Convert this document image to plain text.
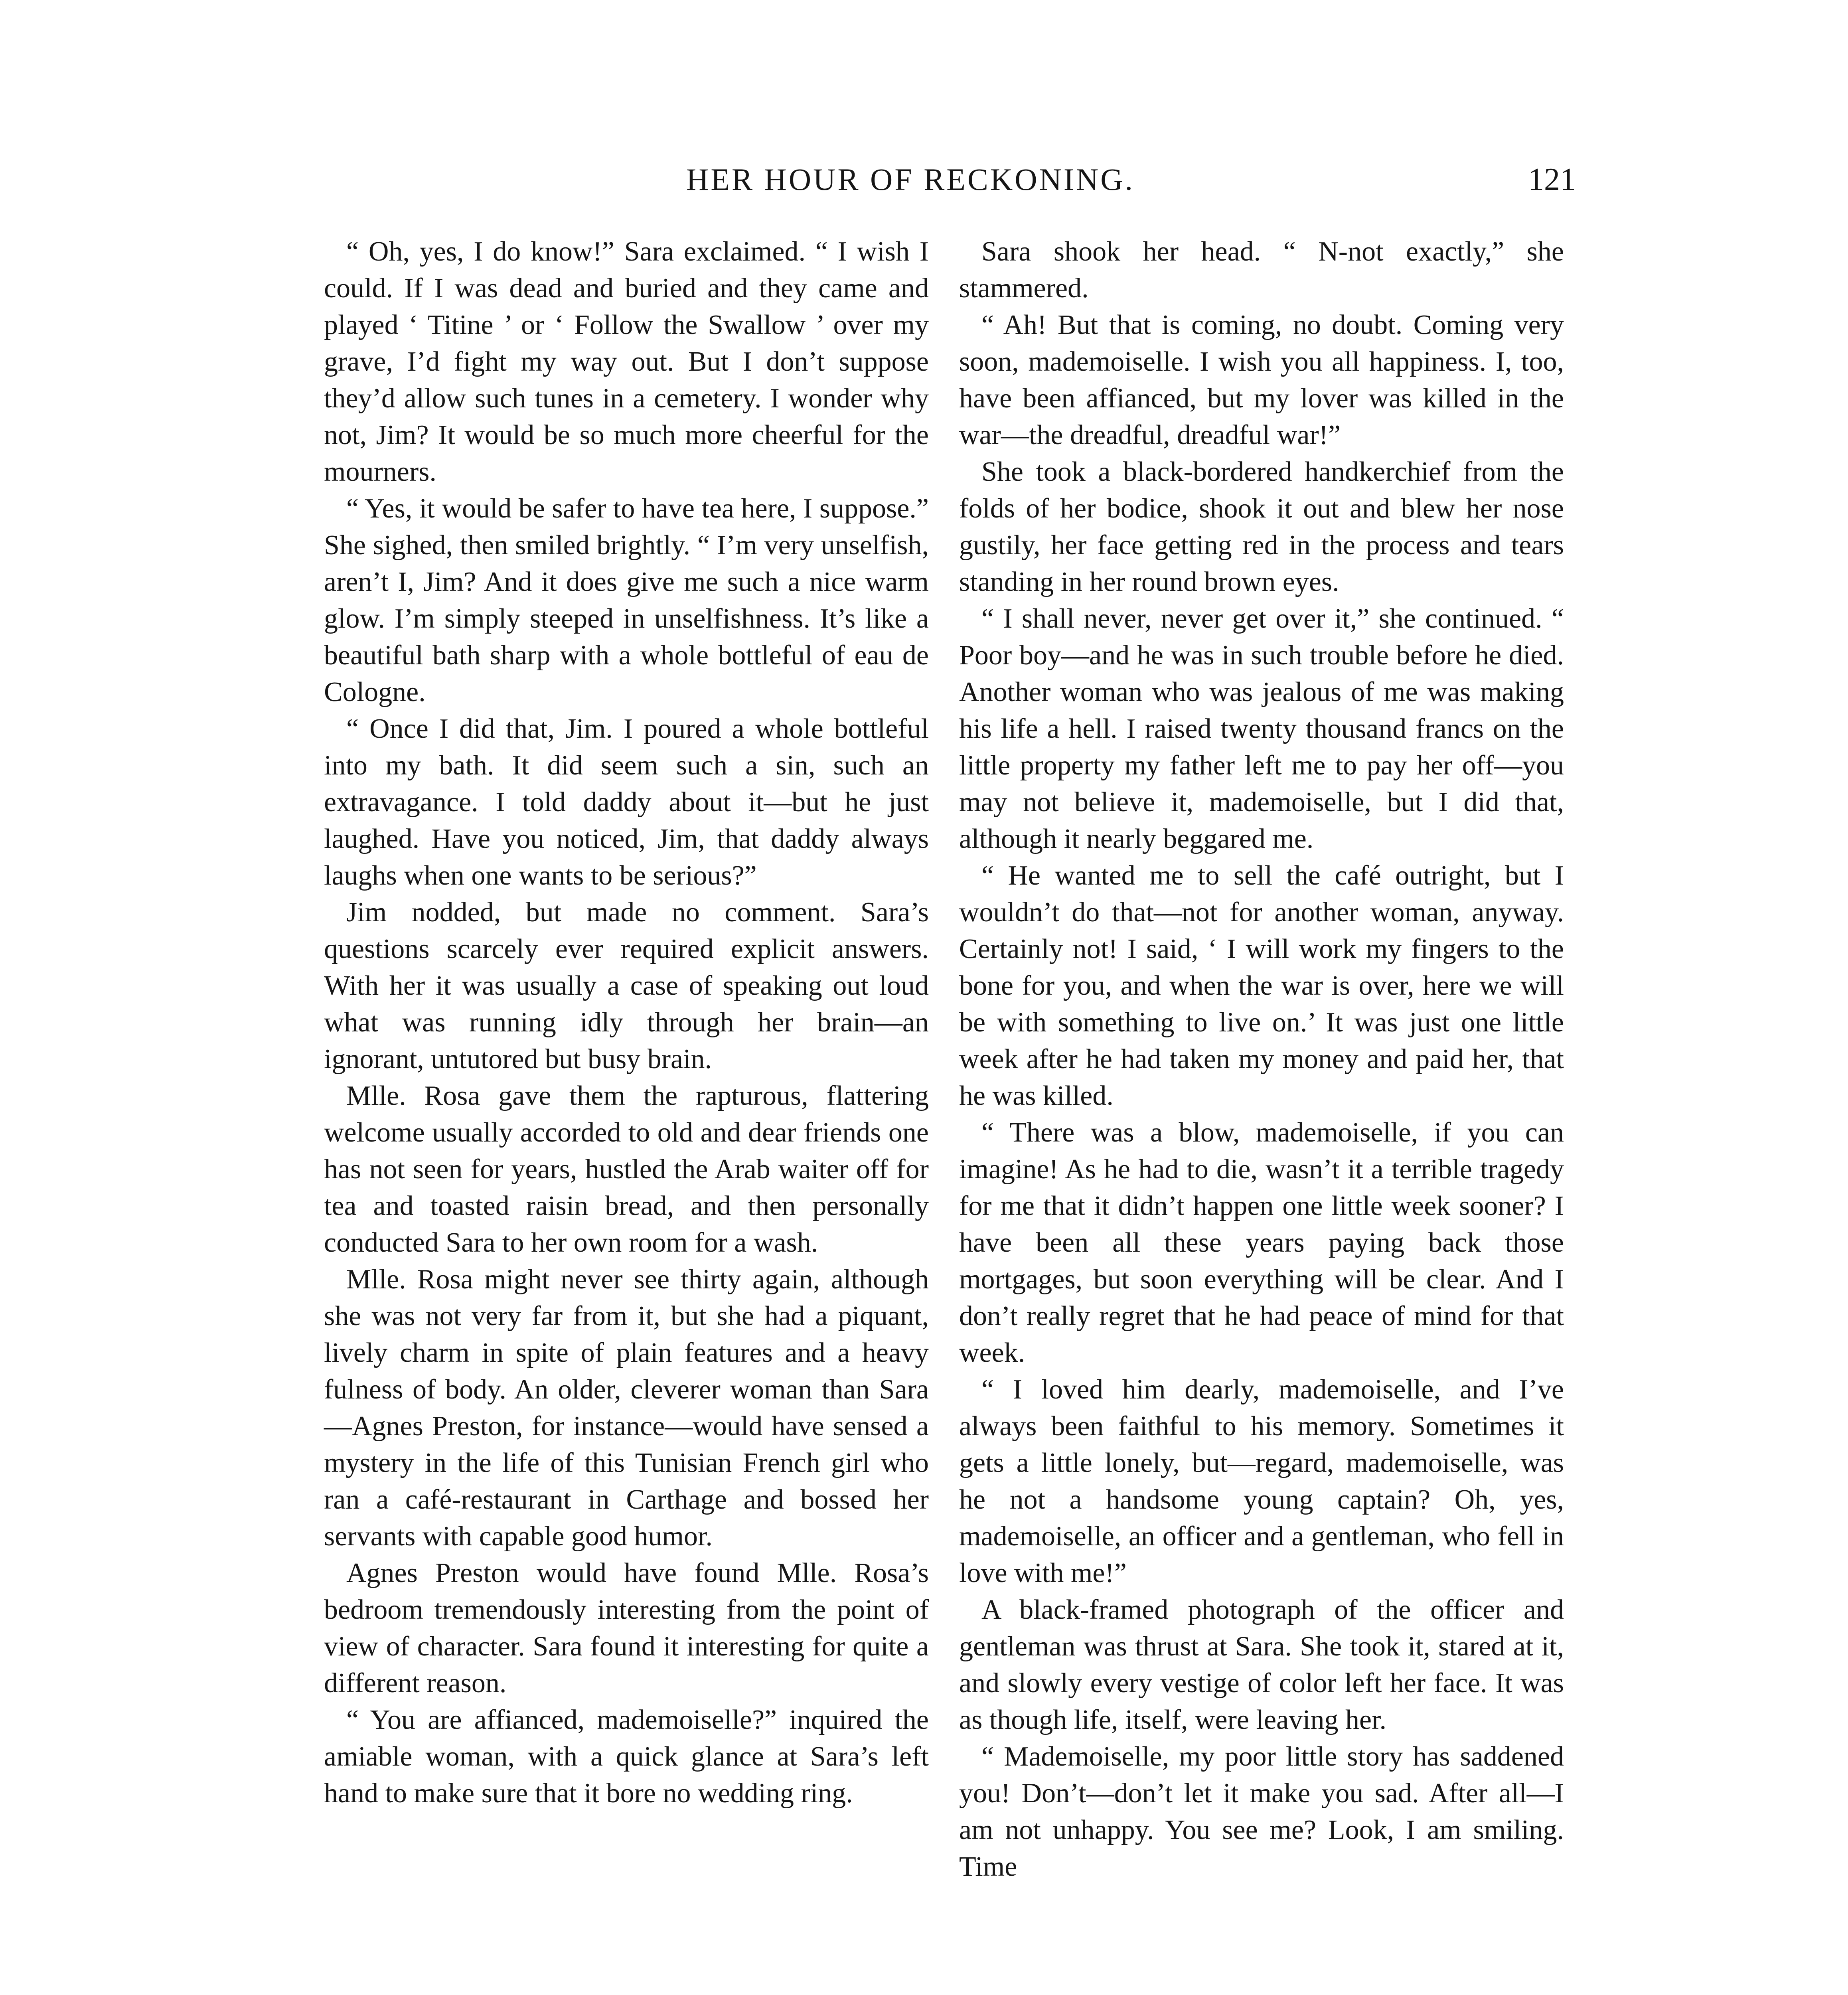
HER HOUR OF RECKONING.	121

“ Oh, yes, I do know!” Sara exclaimed. “ I wish I could. If I was dead and buried and they came and played ‘ Titine ’ or ‘ Follow the Swallow ’ over my grave, I’d fight my way out. But I don’t suppose they’d allow such tunes in a cemetery. I wonder why not, Jim? It would be so much more cheerful for the mourners.

“ Yes, it would be safer to have tea here, I suppose.” She sighed, then smiled brightly. “ I’m very unselfish, aren’t I, Jim? And it does give me such a nice warm glow. I’m simply steeped in unselfishness. It’s like a beautiful bath sharp with a whole bottleful of eau de Cologne.

“ Once I did that, Jim. I poured a whole bottleful into my bath. It did seem such a sin, such an extravagance. I told daddy about it—but he just laughed. Have you noticed, Jim, that daddy always laughs when one wants to be serious?”

Jim nodded, but made no comment. Sara’s questions scarcely ever required explicit answers. With her it was usually a case of speaking out loud what was running idly through her brain—an ignorant, untutored but busy brain.

Mlle. Rosa gave them the rapturous, flattering welcome usually accorded to old and dear friends one has not seen for years, hustled the Arab waiter off for tea and toasted raisin bread, and then personally conducted Sara to her own room for a wash.

Mlle. Rosa might never see thirty again, although she was not very far from it, but she had a piquant, lively charm in spite of plain features and a heavy fulness of body. An older, cleverer woman than Sara—Agnes Preston, for instance—would have sensed a mystery in the life of this Tunisian French girl who ran a café-restaurant in Carthage and bossed her servants with capable good humor.

Agnes Preston would have found Mlle. Rosa’s bedroom tremendously interesting from the point of view of character. Sara found it interesting for quite a different reason.

“ You are affianced, mademoiselle?” inquired the amiable woman, with a quick glance at Sara’s left hand to make sure that it bore no wedding ring.

Sara shook her head. “ N-not exactly,” she stammered.

“ Ah! But that is coming, no doubt. Coming very soon, mademoiselle. I wish you all happiness. I, too, have been affianced, but my lover was killed in the war—the dreadful, dreadful war!”

She took a black-bordered handkerchief from the folds of her bodice, shook it out and blew her nose gustily, her face getting red in the process and tears standing in her round brown eyes.

“ I shall never, never get over it,” she continued. “ Poor boy—and he was in such trouble before he died. Another woman who was jealous of me was making his life a hell. I raised twenty thousand francs on the little property my father left me to pay her off—you may not believe it, mademoiselle, but I did that, although it nearly beggared me.

“ He wanted me to sell the café outright, but I wouldn’t do that—not for another woman, anyway. Certainly not! I said, ‘ I will work my fingers to the bone for you, and when the war is over, here we will be with something to live on.’ It was just one little week after he had taken my money and paid her, that he was killed.

“ There was a blow, mademoiselle, if you can imagine! As he had to die, wasn’t it a terrible tragedy for me that it didn’t happen one little week sooner? I have been all these years paying back those mortgages, but soon everything will be clear. And I don’t really regret that he had peace of mind for that week.

“ I loved him dearly, mademoiselle, and I’ve always been faithful to his memory. Sometimes it gets a little lonely, but—regard, mademoiselle, was he not a handsome young captain? Oh, yes, mademoiselle, an officer and a gentleman, who fell in love with me!”

A black-framed photograph of the officer and gentleman was thrust at Sara. She took it, stared at it, and slowly every vestige of color left her face. It was as though life, itself, were leaving her.

“ Mademoiselle, my poor little story has saddened you! Don’t—don’t let it make you sad. After all—I am not unhappy. You see me? Look, I am smiling. Time
